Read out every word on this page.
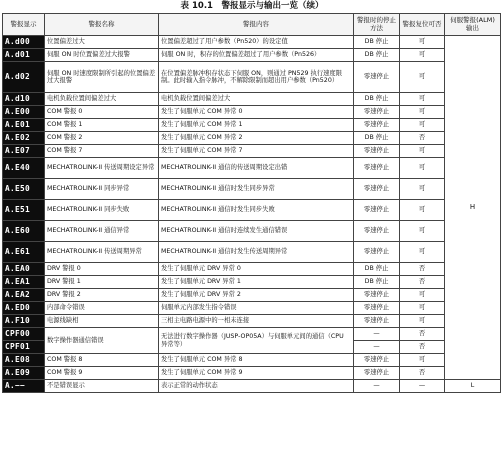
表 10.1　警报显示与输出一览（续）
警报显示	警报名称	警报内容	警报时的停止方法	警报复位可否	伺服警报(ALM)输出
A.d00	位置偏差过大	位置偏差超过了用户参数（Pn520）的设定值	DB 停止	可	H
A.d01	伺服 ON 时位置偏差过大报警	伺服 ON 时，积存的位置偏差超过了用户参数（Pn526）	DB 停止	可	
A.d02	伺服 ON 时速度限制所引起的位置偏差过大报警	在位置偏差脉冲积存状态下伺服 ON，则通过 PN529 执行速度限制。此时输入指令脉冲，不解除限制而超出用户参数（Pn520）	零速停止	可	
A.d10	电机负载位置间偏差过大	电机负载位置间偏差过大	DB 停止	可	
A.E00	COM 警报 0	发生了伺服单元 COM 异常 0	零速停止	可	
A.E01	COM 警报 1	发生了伺服单元 COM 异常 1	零速停止	可	
A.E02	COM 警报 2	发生了伺服单元 COM 异常 2	DB 停止	否	
A.E07	COM 警报 7	发生了伺服单元 COM 异常 7	零速停止	可	
A.E40	MECHATROLINK-II 传送周期设定异常	MECHATROLINK-II 通信的传送周期设定出错	零速停止	可	
A.E50	MECHATROLINK-II 同步异常	MECHATROLINK-II 通信时发生同步异常	零速停止	可	
A.E51	MECHATROLINK-II 同步失败	MECHATROLINK-II 通信时发生同步失败	零速停止	可	
A.E60	MECHATROLINK-II 通信异常	MECHATROLINK-II 通信时连续发生通信错误	零速停止	可	
A.E61	MECHATROLINK-II 传送周期异常	MECHATROLINK-II 通信时发生传送周期异常	零速停止	可	
A.EA0	DRV 警报 0	发生了伺服单元 DRV 异常 0	DB 停止	否	
A.EA1	DRV 警报 1	发生了伺服单元 DRV 异常 1	DB 停止	否	
A.EA2	DRV 警报 2	发生了伺服单元 DRV 异常 2	零速停止	可	
A.ED0	内部命令错误	伺服单元内部发生指令错误	零速停止	可	
A.F10	电源线缺相	三相主电路电源中的一相未连接	零速停止	可	
CPF00	数字操作器通信错误	无法进行数字操作器（JUSP-OP05A）与伺服单元间的通信（CPU 异常等）	—	否	
CPF01			—	否	
A.E08	COM 警报 8	发生了伺服单元 COM 异常 8	零速停止	可	
A.E09	COM 警报 9	发生了伺服单元 COM 异常 9	零速停止	否	
A.−−	不是错误显示	表示正常的动作状态	—	—	L
